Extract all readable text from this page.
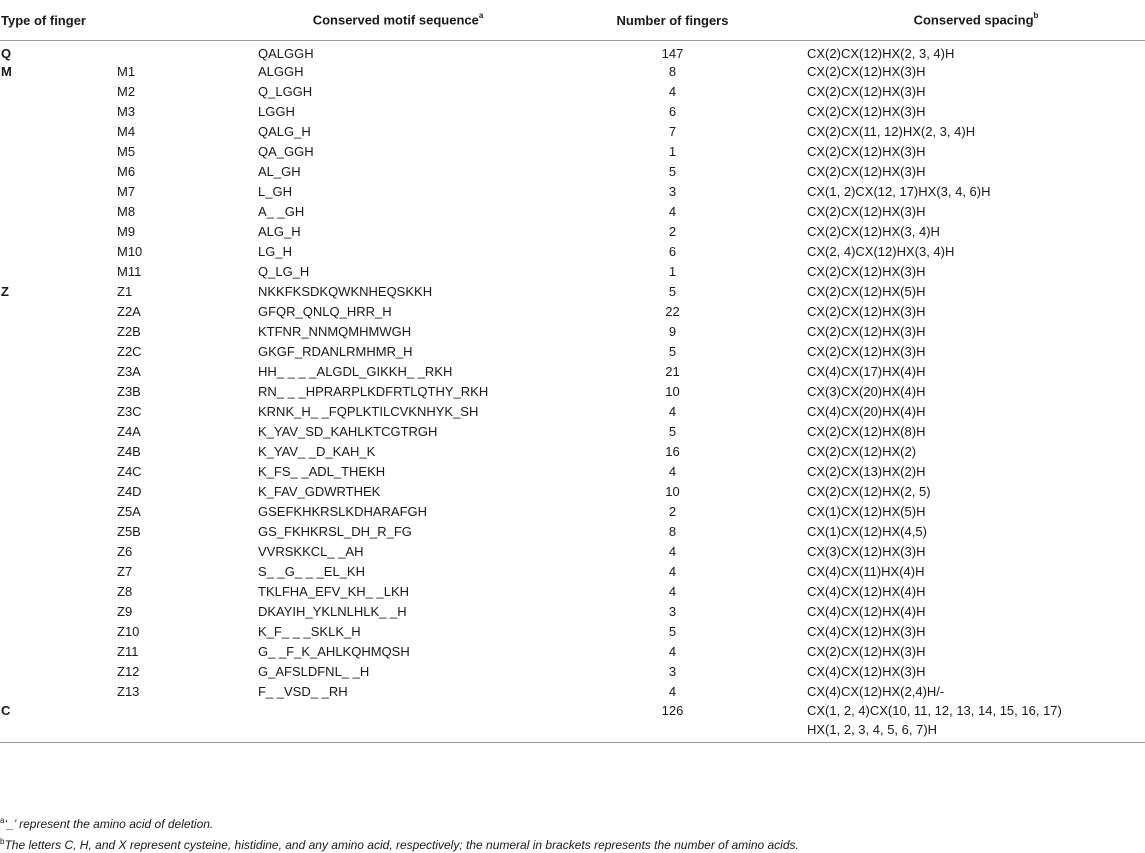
Type of finger		Conserved motif sequence$^a$	Number of fingers	Conserved spacing$^b$
Q		QALGGH	147	CX(2)CX(12)HX(2, 3, 4)H
M	M1	ALGGH	8	CX(2)CX(12)HX(3)H
	M2	Q_LGGH	4	CX(2)CX(12)HX(3)H
	M3	LGGH	6	CX(2)CX(12)HX(3)H
	M4	QALG_H	7	CX(2)CX(11, 12)HX(2, 3, 4)H
	M5	QA_GGH	1	CX(2)CX(12)HX(3)H
	M6	AL_GH	5	CX(2)CX(12)HX(3)H
	M7	L_GH	3	CX(1, 2)CX(12, 17)HX(3, 4, 6)H
	M8	A_ _GH	4	CX(2)CX(12)HX(3)H
	M9	ALG_H	2	CX(2)CX(12)HX(3, 4)H
	M10	LG_H	6	CX(2, 4)CX(12)HX(3, 4)H
	M11	Q_LG_H	1	CX(2)CX(12)HX(3)H
Z	Z1	NKKFKSDKQWKNHEQSKKH	5	CX(2)CX(12)HX(5)H
	Z2A	GFQR_QNLQ_HRR_H	22	CX(2)CX(12)HX(3)H
	Z2B	KTFNR_NNMQMHMWGH	9	CX(2)CX(12)HX(3)H
	Z2C	GKGF_RDANLRMHMR_H	5	CX(2)CX(12)HX(3)H
	Z3A	HH_ _ _ _ALGDL_GIKKH_ _RKH	21	CX(4)CX(17)HX(4)H
	Z3B	RN_ _ _HPRARPLKDFRTLQTHY_RKH	10	CX(3)CX(20)HX(4)H
	Z3C	KRNK_H_ _FQPLKTILCVKNHYK_SH	4	CX(4)CX(20)HX(4)H
	Z4A	K_YAV_SD_KAHLKTCGTRGH	5	CX(2)CX(12)HX(8)H
	Z4B	K_YAV_ _D_KAH_K	16	CX(2)CX(12)HX(2)
	Z4C	K_FS_ _ADL_THEKH	4	CX(2)CX(13)HX(2)H
	Z4D	K_FAV_GDWRTHEK	10	CX(2)CX(12)HX(2, 5)
	Z5A	GSEFKHKRSLKDHARAFGH	2	CX(1)CX(12)HX(5)H
	Z5B	GS_FKHKRSL_DH_R_FG	8	CX(1)CX(12)HX(4,5)
	Z6	VVRSKKCL_ _AH	4	CX(3)CX(12)HX(3)H
	Z7	S_ _G_ _ _EL_KH	4	CX(4)CX(11)HX(4)H
	Z8	TKLFHA_EFV_KH_ _LKH	4	CX(4)CX(12)HX(4)H
	Z9	DKAYIH_YKLNLHLK_ _H	3	CX(4)CX(12)HX(4)H
	Z10	K_F_ _ _SKLK_H	5	CX(4)CX(12)HX(3)H
	Z11	G_ _F_K_AHLKQHMQSH	4	CX(2)CX(12)HX(3)H
	Z12	G_AFSLDFNL_ _H	3	CX(4)CX(12)HX(3)H
	Z13	F_ _VSD_ _RH	4	CX(4)CX(12)HX(2,4)H/-
C			126	CX(1, 2, 4)CX(10, 11, 12, 13, 14, 15, 16, 17)
				HX(1, 2, 3, 4, 5, 6, 7)H
$^a$‘_’ represent the amino acid of deletion.
$^b$The letters C, H, and X represent cysteine, histidine, and any amino acid, respectively; the numeral in brackets represents the number of amino acids.
